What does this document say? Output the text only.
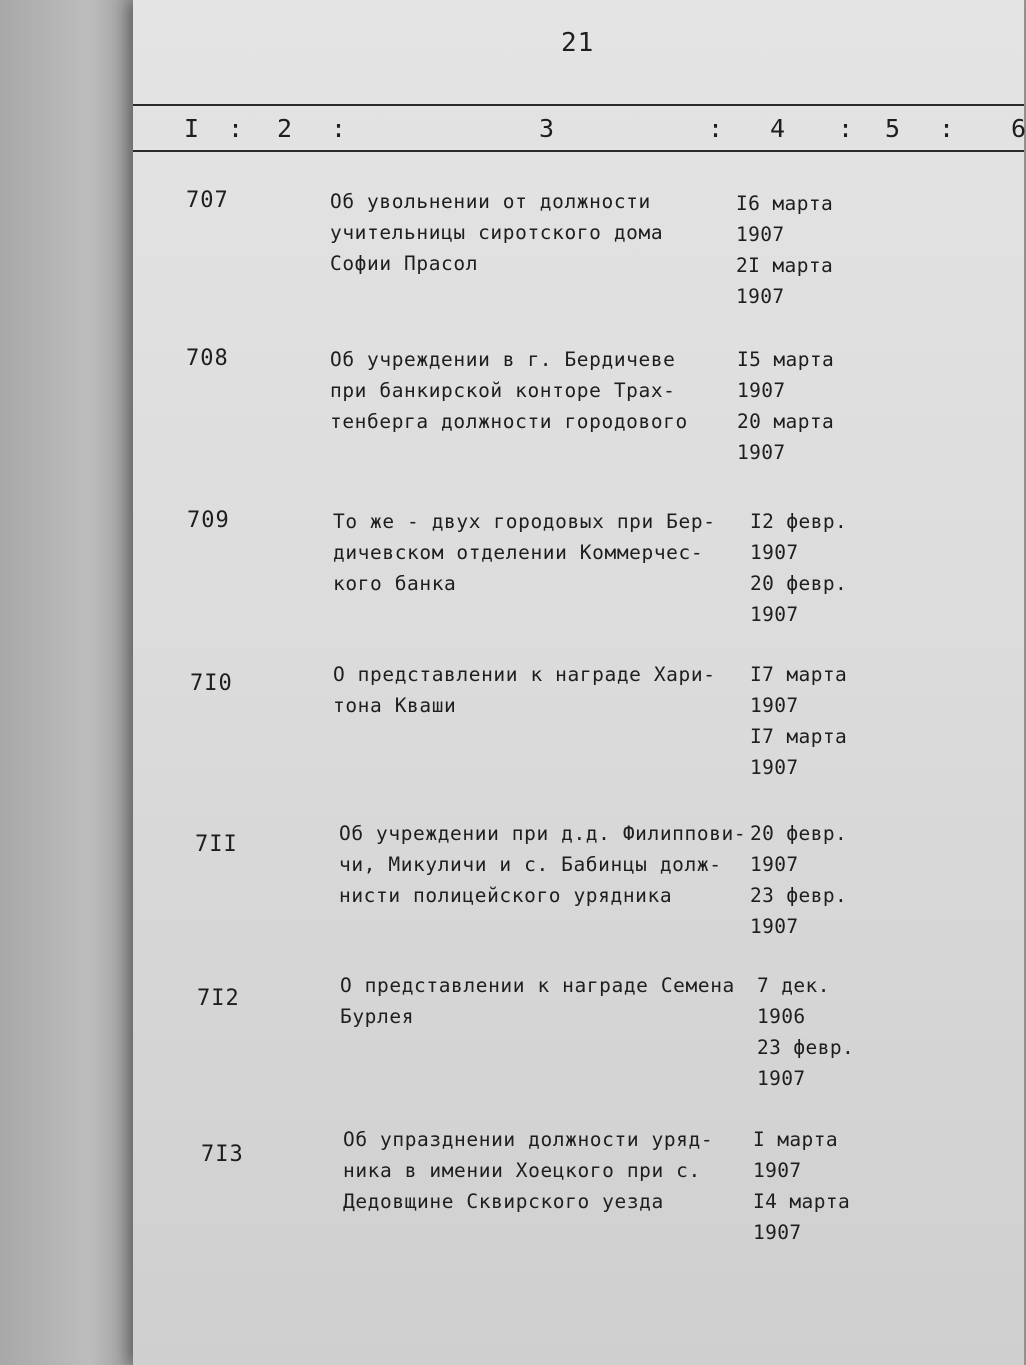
21
I : 2 :	3	: 4 : 5 : 6
707	Об увольнении от должности
учительницы сиротского дома
Софии Прасол
I6 марта
1907
2I марта
1907
708	Об учреждении в г. Бердичеве
при банкирской конторе Трах-
тенберга должности городового
I5 марта
1907
20 марта
1907
709	То же - двух городовых при Бер-
дичевском отделении Коммерчес-
кого банка
I2 февр.
1907
20 февр.
1907
7I0	О представлении к награде Хари-
тона Кваши
I7 марта
1907
I7 марта
1907
7II	Об учреждении при д.д. Филиппови-
чи, Микуличи и с. Бабинцы долж-
нисти полицейского урядника
20 февр.
1907
23 февр.
1907
7I2
О представлении к награде Семена
Бурлея
7 дек.
1906
23 февр.
1907
7I3
Об упразднении должности уряд-
ника в имении Хоецкого при с.
Дедовщине Сквирского уезда
I марта
1907
I4 марта
1907
